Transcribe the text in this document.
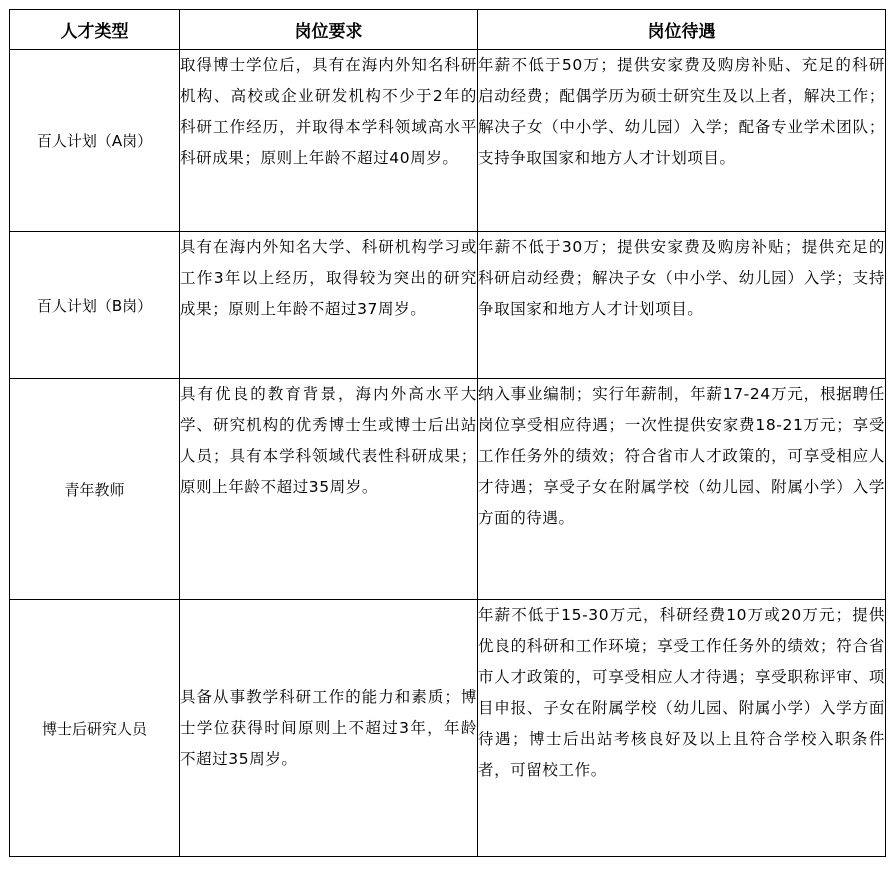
人才类型	岗位要求	岗位待遇
百人计划（A岗）	取得博士学位后，具有在海内外知名科研机构、高校或企业研发机构不少于2年的科研工作经历，并取得本学科领域高水平科研成果；原则上年龄不超过40周岁。	年薪不低于50万；提供安家费及购房补贴、充足的科研启动经费；配偶学历为硕士研究生及以上者，解决工作；解决子女（中小学、幼儿园）入学；配备专业学术团队；支持争取国家和地方人才计划项目。
百人计划（B岗）	具有在海内外知名大学、科研机构学习或工作3年以上经历，取得较为突出的研究成果；原则上年龄不超过37周岁。	年薪不低于30万；提供安家费及购房补贴；提供充足的科研启动经费；解决子女（中小学、幼儿园）入学；支持争取国家和地方人才计划项目。
青年教师	具有优良的教育背景，海内外高水平大学、研究机构的优秀博士生或博士后出站人员；具有本学科领域代表性科研成果；原则上年龄不超过35周岁。	纳入事业编制；实行年薪制，年薪17-24万元，根据聘任岗位享受相应待遇；一次性提供安家费18-21万元；享受工作任务外的绩效；符合省市人才政策的，可享受相应人才待遇；享受子女在附属学校（幼儿园、附属小学）入学方面的待遇。
博士后研究人员	具备从事教学科研工作的能力和素质；博士学位获得时间原则上不超过3年，年龄不超过35周岁。	年薪不低于15-30万元，科研经费10万或20万元；提供优良的科研和工作环境；享受工作任务外的绩效；符合省市人才政策的，可享受相应人才待遇；享受职称评审、项目申报、子女在附属学校（幼儿园、附属小学）入学方面待遇；博士后出站考核良好及以上且符合学校入职条件者，可留校工作。
